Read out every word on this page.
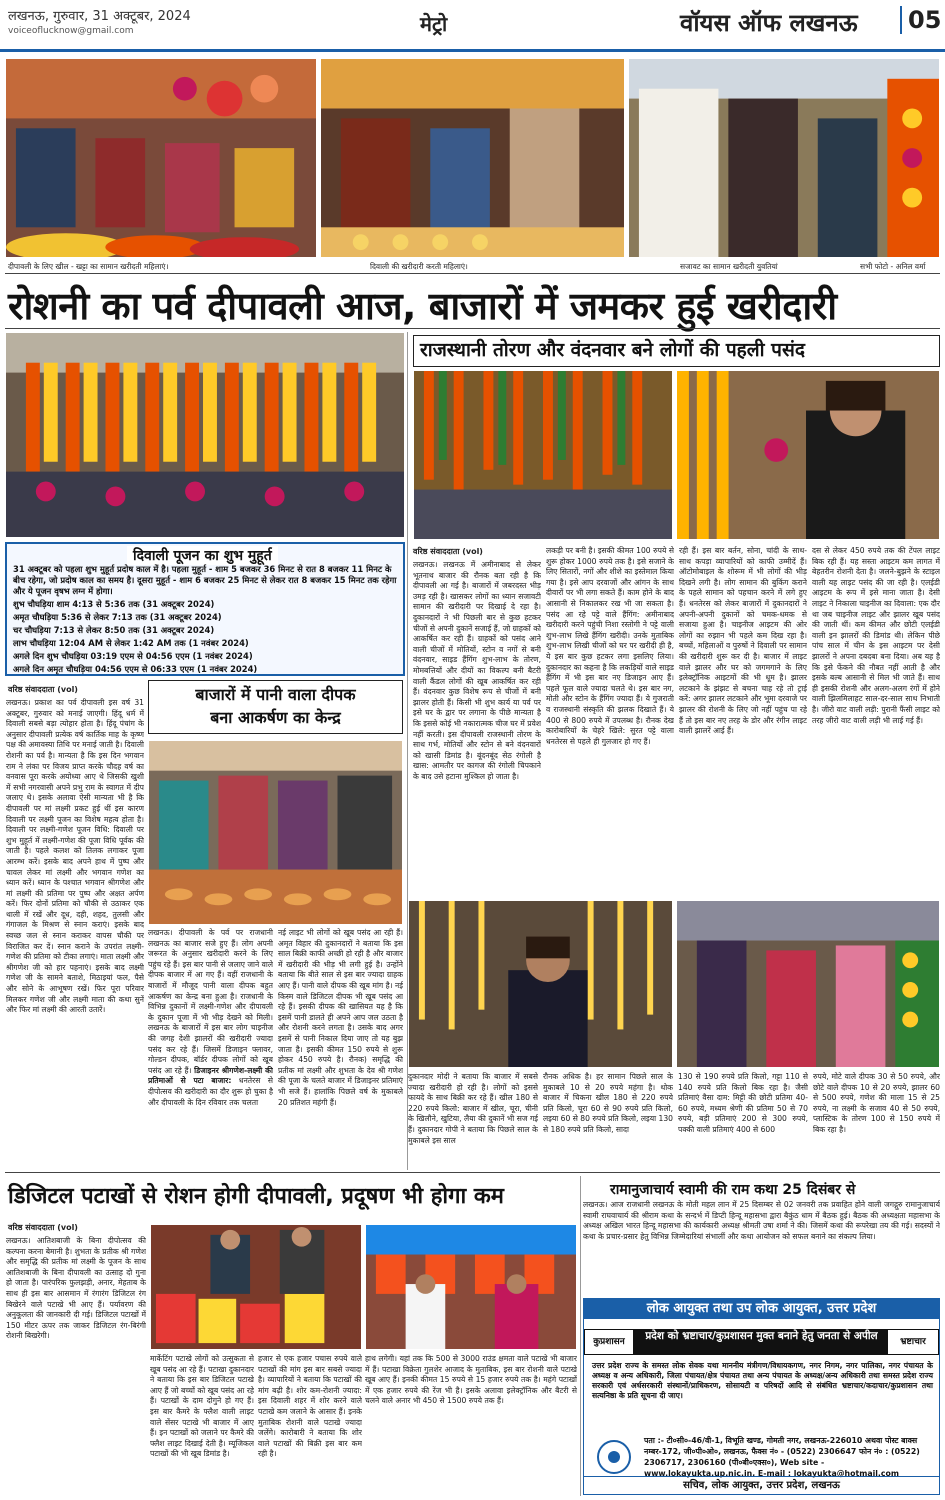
लखनऊ, गुरुवार, 31 अक्टूबर, 2024
voiceoflucknow@gmail.com	मेट्रो	वॉयस ऑफ लखनऊ	05
दीपावली के लिए खील - खट्टा का सामान खरीदती महिलाएं।	दिवाली की खरीदारी करती महिलाएं।	सजावट का सामान खरीदती युवतियां	सभी फोटो - अनिल वर्मा
रोशनी का पर्व दीपावली आज, बाजारों में जमकर हुई खरीदारी
दिवाली पूजन का शुभ मुहूर्त
31 अक्टूबर को पहला शुभ मुहूर्त प्रदोष काल में है। पहला मुहूर्त - शाम 5 बजकर 36 मिनट से रात 8 बजकर 11 मिनट के बीच रहेगा, जो प्रदोष काल का समय है। दूसरा मुहूर्त - शाम 6 बजकर 25 मिनट से लेकर रात 8 बजकर 15 मिनट तक रहेगा और ये पूजन वृषभ लग्न में होगा।
शुभ चौघड़िया शाम 4:13 से 5:36 तक (31 अक्टूबर 2024)
अमृत चौघड़िया 5:36 से लेकर 7:13 तक (31 अक्टूबर 2024)
चर चौघड़िया 7:13 से लेकर 8:50 तक (31 अक्टूबर 2024)
लाभ चौघड़िया 12:04 AM से लेकर 1:42 AM तक (1 नवंबर 2024)
अगले दिन शुभ चौघड़िया 03:19 एएम से 04:56 एएम (1 नवंबर 2024)
अगले दिन अमृत चौघड़िया 04:56 एएम से 06:33 एएम (1 नवंबर 2024)
वरिष्ठ संवाददाता (vol)
लखनऊ। प्रकाश का पर्व दीपावली इस वर्ष 31 अक्टूबर, गुरुवार को मनाई जाएगी। हिंदू धर्म में दिवाली सबसे बड़ा त्योहार होता है। हिंदू पंचांग के अनुसार दीपावली प्रत्येक वर्ष कार्तिक माह के कृष्ण पक्ष की अमावस्या तिथि पर मनाई जाती है। दिवाली रोशनी का पर्व है। मान्यता है कि इस दिन भगवान राम ने लंका पर विजय प्राप्त करके चौदह वर्ष का वनवास पूरा करके अयोध्या आए थे जिसकी खुशी में सभी नगरवासी अपने प्रभु राम के स्वागत में दीप जलाए थे। इसके अलावा ऐसी मान्यता भी है कि दीपावली पर मां लक्ष्मी प्रकट हुई थीं इस कारण दिवाली पर लक्ष्मी पूजन का विशेष महत्व होता है। दिवाली पर लक्ष्मी-गणेश पूजन विधि: दिवाली पर शुभ मुहूर्त में लक्ष्मी-गणेश की पूजा विधि पूर्वक की जाती है। पहले कलश को तिलक लगाकर पूजा आरम्भ करें। इसके बाद अपने हाथ में पुष्प और चावल लेकर मां लक्ष्मी और भगवान गणेश का ध्यान करें। ध्यान के पश्चात भगवान श्रीगणेश और मां लक्ष्मी की प्रतिमा पर पुष्प और अक्षत अर्पण करें। फिर दोनों प्रतिमा को चौकी से उठाकर एक थाली में रखें और दूध, दही, शहद, तुलसी और गंगाजल के मिश्रण से स्नान कराएं। इसके बाद स्वच्छ जल से स्नान कराकर वापस चौकी पर विराजित कर दें। स्नान कराने के उपरांत लक्ष्मी-गणेश की प्रतिमा को टीका लगाएं। माता लक्ष्मी और श्रीगणेश जी को हार पहनाएं। इसके बाद लक्ष्मी गणेश जी के सामने बताशे, मिठाइयां फल, पैसे और सोने के आभूषण रखें। फिर पूरा परिवार मिलकर गणेश जी और लक्ष्मी माता की कथा सुनें और फिर मां लक्ष्मी की आरती उतारें।
राजस्थानी तोरण और वंदनवार बने लोगों की पहली पसंद
वरिष्ठ संवाददाता (vol)
लखनऊ। लखनऊ में अमीनाबाद से लेकर भूतनाथ बाजार की रौनक बता रही है कि दीपावली आ गई है। बाजारों में जबरदस्त भीड़ उमड़ रही है। खासकर लोगों का ध्यान सजावटी सामान की खरीदारी पर दिखाई दे रहा है। दुकानदारों ने भी पिछली बार से कुछ हटकर चीजों से अपनी दुकानें सजाई हैं, जो ग्राहकों को आकर्षित कर रही हैं। ग्राहकों को पसंद आने वाली चीजों में मोतियों, स्टोन व नगों से बनी वंदनवार, साइड हैंगिंग शुभ-लाभ के तोरण, मोमबत्तियों और दीयों का विकल्प बनी बैटरी वाली कैंडल लोगों की खूब आकर्षित कर रही हैं। वंदनवार कुछ विशेष रूप से चीजों में बनी झालर होती हैं। किसी भी शुभ कार्य या पर्व पर इसे घर के द्वार पर लगाना के पीछे मान्यता है कि इससे कोई भी नकारात्मक चीज घर में प्रवेश नहीं करती। इस दीपावली राजस्थानी तोरण के साथ गर्भ, मोतियों और स्टोन से बने वंदनवारों को खासी डिमांड है। बूंदनबूंद सेठ रंगोली है खास: आमतौर पर कागज की रंगोली चिपकाने के बाद उसे हटाना मुश्किल हो जाता है।
लकड़ी पर बनी है। इसकी कीमत 100 रुपये से शुरू होकर 1000 रुपये तक है। इसे सजाने के लिए सितारों, नगों और शीशे का इस्तेमाल किया गया है। इसे आप दरवाजों और आंगन के साथ दीवारों पर भी लगा सकते हैं। काम होने के बाद आसानी से निकालकर रख भी जा सकता है। पसंद आ रहे पट्टे वाले हैंगिंग: अमीनाबाद खरीदारी करने पहुंची निशा रस्तोगी ने पट्टे वाली शुभ-लाभ लिखे हैंगिंग खरीदी। उनके मुताबिक शुभ-लाभ लिखी चीजों को घर पर खरीदी ही है, ये इस बार कुछ हटकर लगा इसलिए लिया। दुकानदार का कहना है कि लकड़ियों वाले साइड हैंगिंग में भी इस बार नए डिजाइन आए हैं। पहले फूल वाले ज्यादा चलते थे। इस बार नग, मोती और स्टोन के हैंगिंग ज्यादा हैं। ये गुजराती व राजस्थानी संस्कृति की झलक दिखाते हैं। ये 400 से 800 रुपये में उपलब्ध है। रौनक देख कारोबारियों के चेहरे खिले: सुरत पट्टे वाला धनतेरस से पहले ही गुलजार हो गए हैं।
रही हैं। इस बार बर्तन, सोना, चांदी के साथ-साथ कपड़ा व्यापारियों को काफी उम्मीदें हैं। ऑटोमोबाइल के शोरूम में भी लोगों की भीड़ दिखने लगी है। लोग सामान की बुकिंग कराने के पहले सामान को पहचान करने में लगे हुए हैं। धनतेरस को लेकर बाजारों में दुकानदारों ने अपनी-अपनी दुकानों को चमक-धमक से सजाया हुआ है। चाइनीज आइटम की ओर लोगों का रुझान भी पहले कम दिख रहा है। बच्चों, महिलाओं व पुरुषों ने दिवाली पर सामान की खरीदारी शुरू कर दी है। बाजार में लाइट वाले झालर और घर को जगमगाने के लिए इलेक्ट्रॉनिक आइटमों की भी धूम है। झालर लटकाने के झंझट से बचना चाह रहे तो ट्राई करें: अगर झालर लटकाने और भूमा दरवाजे पर झालर की रोशनी के लिए जो नहीं पहुंच पा रहे हैं तो इस बार नए तरह के डोर और रंगीन लाइट वाली झालरें आई हैं।
दस से लेकर 450 रुपये तक की टेंपल लाइट बिक रही हैं। यह सस्ता आइटम कम लागत में बेहतरीन रोशनी देता है। जलने-बुझने के स्टाइल वाली यह लाइट पसंद की जा रही है। एलईडी आइटम के रूप में इसे माना जाता है। देसी लाइट ने निकाला चाइनीज का दिवाला: एक दौर था जब चाइनीज लाइट और झालर खूब पसंद की जाती थीं। कम कीमत और छोटी एलईडी वाली इन झालरों की डिमांड थी। लेकिन पीछे पांच साल में चीन के इस आइटम पर देसी झालरों ने अपना दबदबा बना दिया। अब यह है कि इसे फेंकने की नौबत नहीं आती है और इसके बल्ब आसानी से मिल भी जाते हैं। साथ ही इसकी रोशनी और अलग-अलग रंगों में होने वाली झिलमिलाहट साल-दर-साल साथ निभाती है। जीरो वाट वाली लड़ी: पुरानी फैंसी लाइट को तरह जीरो वाट वाली लड़ी भी लाई गई हैं।
बाजारों में पानी वाला दीपक
बना आकर्षण का केन्द्र
लखनऊ। दीपावली के पर्व पर राजधानी लखनऊ का बाजार सजे हुए हैं। लोग अपनी जरूरत के अनुसार खरीदारी करने के लिए पहुंच रहे हैं। इस बार पानी से जलाए जाने वाले दीपक बाजार में आ गए हैं। वहीं राजधानी के बाजारों में मौजूद पानी वाला दीपक बहुत आकर्षण का केन्द्र बना हुआ है। राजधानी के विभिन्न दुकानों में लक्ष्मी-गणेश और दीपावली के दुकान पूजा में भी भीड़ देखने को मिली। लखनऊ के बाजारों में इस बार लोग चाइनीज की जगह देशी झालरों की खरीदारी ज्यादा पसंद कर रहे हैं। जिसमें डिजाइन फ्लावर, गोल्डन दीपक, बॉर्डर दीपक लोगों को खूब पसंद आ रहे हैं। डिजाइनर श्रीगणेश-लक्ष्मी की प्रतिमाओं से पटा बाजार: धनतेरस से दीपोत्सव की खरीदारी का दौर शुरू हो चुका है और दीपावली के दिन रविवार तक चलता
नई लाइट भी लोगों को खूब पसंद आ रही हैं। अमृत विहार की दुकानदारों ने बताया कि इस साल बिक्री काफी अच्छी हो रही है और बाजार में खरीदारी की भीड़ भी लगी हुई है। उन्होंने बताया कि बीते साल से इस बार ज्यादा ग्राहक आए हैं। पानी वाले दीपक की खूब मांग है। नई किस्म वाले डिजिटल दीपक भी खूब पसंद आ रहे हैं। इसकी दीपक की खासियत यह है कि इसमें पानी डालते ही अपने आप जल उठता है और रोशनी करने लगता है। उसके बाद अगर इसमें से पानी निकाल दिया जाए तो यह बुझ जाता है। इसकी कीमत 150 रुपये से शुरू होकर 450 रुपये है। रौनक) समृद्धि की प्रतीक मां लक्ष्मी और शुभता के देव श्री गणेश की पूजा के चलते बाजार में डिजाइनर प्रतिमाएं भी सजे हैं। हालांकि पिछले वर्ष के मुकाबले 20 प्रतिशत महंगी हैं।
दुकानदार मोदी ने बताया कि बाजार में सबसे ज्यादा खरीदारी हो रही है। लोगों को इससे फायदे के साथ बिक्री कर रहे हैं। खील 180 से 220 रुपये किलो: बाजार में खील, चूरा, चीनी के खिलौने, खुटिया, लैया की दुकानें भी सज गई हैं। दुकानदार गोपी ने बताया कि पिछले साल के मुकाबले इस साल
रौनक अधिक है। हर सामान पिछले साल के मुकाबले 10 से 20 रुपये महंगा है। थोक बाजार में चिकना खील 180 से 220 रुपये प्रति किलो, चूरा 60 से 90 रुपये प्रति किलो, लइया 60 से 80 रुपये प्रति किलो, लइया 130 से 180 रुपये प्रति किलो, सादा
130 से 190 रुपये प्रति किलो, गट्टा 110 से 140 रुपये प्रति किलो बिक रहा है। जैसी प्रतिमाएं वैसा दाम: मिट्टी की छोटी प्रतिमा 40-60 रुपये, मध्यम श्रेणी की प्रतिमा 50 से 70 रुपये, बड़ी प्रतिमाएं 200 से 300 रुपये, पक्की वाली प्रतिमाएं 400 से 600
रुपये, मोटे वाले दीपक 30 से 50 रुपये, और छोटे वाले दीपक 10 से 20 रुपये, झालर 60 से 500 रुपये, गणेश की माला 15 से 25 रुपये, ना लक्ष्मी के सजाव 40 से 50 रुपये, प्लास्टिक के तोरण 100 से 150 रुपये में बिक रहा है।
डिजिटल पटाखों से रोशन होगी दीपावली, प्रदूषण भी होगा कम
वरिष्ठ संवाददाता (vol)
लखनऊ। आतिशबाजी के बिना दीपोत्सव की कल्पना करना बेमानी है। शुभता के प्रतीक श्री गणेश और समृद्धि की प्रतीक मां लक्ष्मी के पूजन के साथ आतिशबाजी के बिना दीपावली का उत्साह दो गुना हो जाता है। पारंपरिक फुलझड़ी, अनार, मेहताब के साथ ही इस बार आसमान में रंगारंग डिजिटल रंग बिखेरने वाले पटाखे भी आए हैं। पर्यावरण की अनुकूलता की जानकारी दी गई। डिजिटल पटाखों में 150 मीटर ऊपर तक जाकर डिजिटल रंग-बिरंगी रोशनी बिखरेगी।
मार्केटिंग पटाखे लोगों को उत्सुकता से खूब पसंद आ रहे हैं। पटाखा दुकानदार ने बताया कि इस बार डिजिटल पटाखे आए हैं जो बच्चों को खूब पसंद आ रहे हैं। पटाखों के दाम दोगुने हो गए हैं। इस बार कैमरे के फ्लैश वाली लाइट वाले सेंसर पटाखे भी बाजार में आए हैं। इन पटाखों को जलाने पर कैमरे की फ्लैश लाइट दिखाई देती है। म्यूजिकल पटाखों की भी खूब डिमांड है।
हजार से एक हजार पचास रुपये वाले पटाखों की मांग इस बार सबसे ज्यादा है। व्यापारियों ने बताया कि पटाखों की मांग बढ़ी है। शोर कम-रोशनी ज्यादा: इस दिवाली शहर में शोर करने वाले पटाखे कम जलाने के आसार हैं। इनके मुताबिक रोशनी वाले पटाखे ज्यादा जलेंगे। कारोबारी ने बताया कि शोर वाले पटाखों की बिक्री इस बार कम रही है।
हाथ लगेगी। यहां तक कि 500 से 3000 राउंड क्षमता वाले पटाखे भी बाजार में हैं। पटाखा विक्रेता गुलशेर आजाद के मुताबिक, इस बार रोशनी वाले पटाखे खूब आए हैं। इनकी कीमत 15 रुपये से 15 हजार रुपये तक है। महंगे पटाखों में एक हजार रुपये की रेंज भी है। इसके अलावा इलेक्ट्रॉनिक और बैटरी से चलने वाले अनार भी 450 से 1500 रुपये तक हैं।
रामानुजाचार्य स्वामी की राम कथा 25 दिसंबर से
लखनऊ। आज राजधानी लखनऊ के मोती महल लान में 25 दिसम्बर से 02 जनवरी तक प्रवाहित होने वाली जगद्गुरु रामानुजाचार्य स्वामी राघवाचार्य की श्रीराम कथा के सन्दर्भ में डिप्टी हिन्दू महासभा द्वारा बैकुंठ धाम में बैठक हुई। बैठक की अध्यक्षता महासभा के अध्यक्ष अखिल भारत हिन्दू महासभा की कार्यकारी अध्यक्ष श्रीमती उषा शर्मा ने की। जिसमें कथा की रूपरेखा तय की गई। सदस्यों ने कथा के प्रचार-प्रसार हेतु विभिन्न जिम्मेदारियां संभालीं और कथा आयोजन को सफल बनाने का संकल्प लिया।
लोक आयुक्त तथा उप लोक आयुक्त, उत्तर प्रदेश
कुप्रशासन	प्रदेश को भ्रष्टाचार/कुप्रशासन मुक्त बनाने हेतु जनता से अपील	भ्रष्टाचार
उत्तर प्रदेश राज्य के समस्त लोक सेवक यथा माननीय मंत्रीगण/विधायकगण, नगर निगम, नगर पालिका, नगर पंचायत के अध्यक्ष व अन्य अधिकारी, जिला पंचायत/क्षेत्र पंचायत तथा अन्य पंचायत के अध्यक्ष/अन्य अधिकारी तथा समस्त प्रदेश राज्य सरकारी एवं अर्धसरकारी संस्थानों/प्राधिकरण, सोसायटी व परिषदों आदि से संबंधित भ्रष्टाचार/कदाचार/कुप्रशासन तथा सत्यनिष्ठा के प्रति सूचना दी जाए।
पता :- टी०सी०-46/वी-1, विभूति खण्ड, गोमती नगर, लखनऊ-226010 अथवा पोस्ट बाक्स नम्बर-172, जी०पी०ओ०, लखनऊ, फैक्स नं० - (0522) 2306647 फोन नं० : (0522) 2306717, 2306160 (पी०बी०एक्स०), Web site - www.lokayukta.up.nic.in, E-mail : lokayukta@hotmail.com
सचिव, लोक आयुक्त, उत्तर प्रदेश, लखनऊ
